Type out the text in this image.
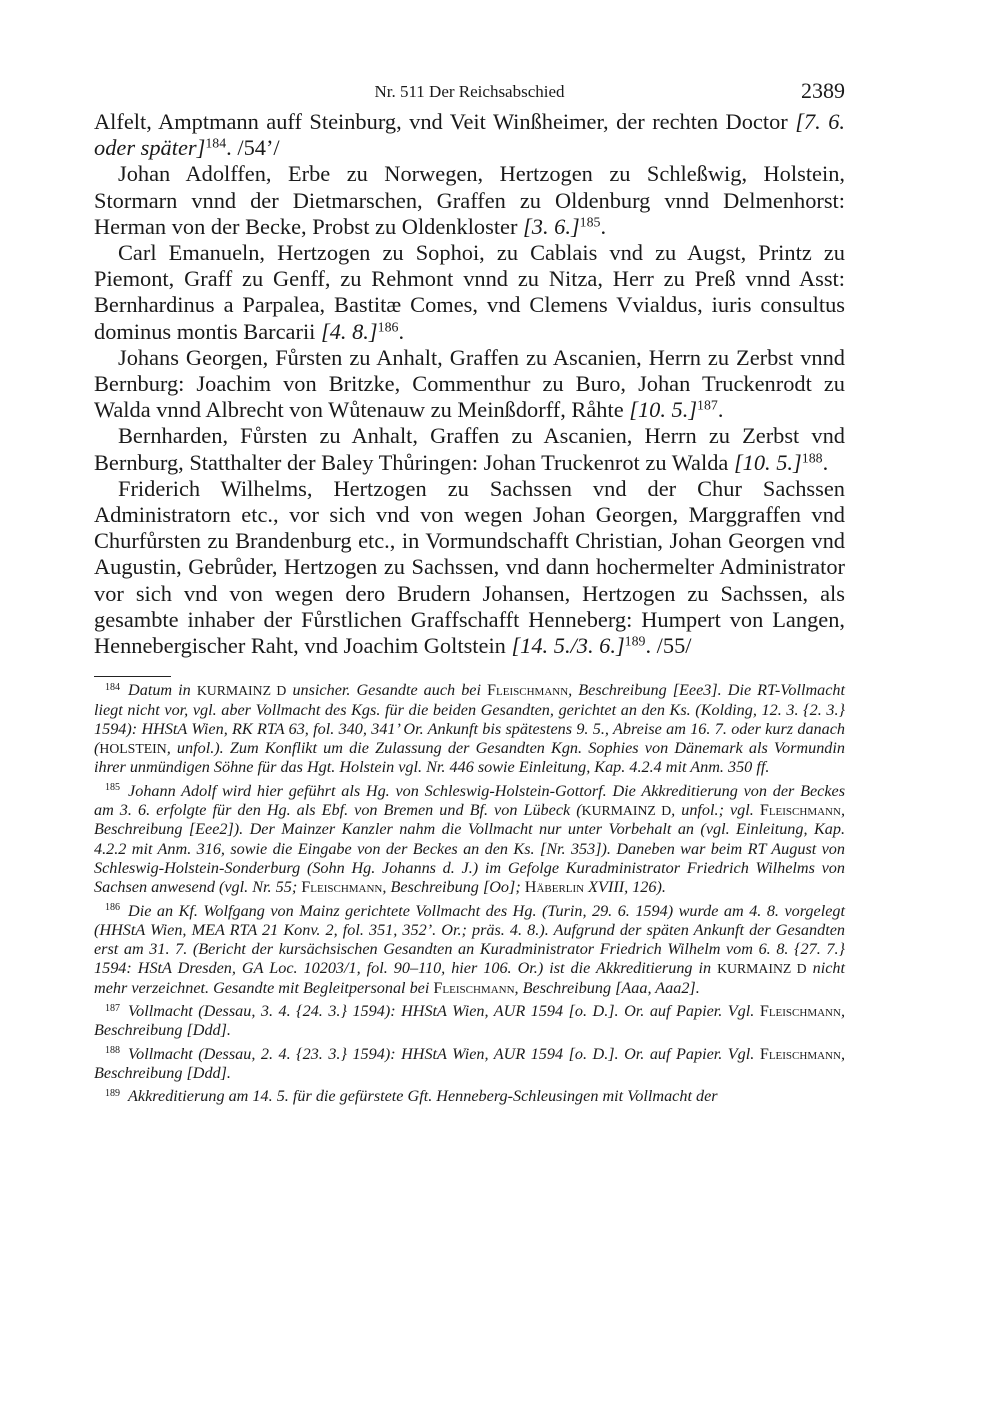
Nr. 511 Der Reichsabschied	2389

Alfelt, Amptmann auff Steinburg, vnd Veit Winßheimer, der rechten Doctor [7. 6. oder später]$^{184}$. /54’/

Johan Adolffen, Erbe zu Norwegen, Hertzogen zu Schleßwig, Holstein, Stormarn vnnd der Dietmarschen, Graffen zu Oldenburg vnnd Delmenhorst: Herman von der Becke, Probst zu Oldenkloster [3. 6.]$^{185}$.

Carl Emanueln, Hertzogen zu Sophoi, zu Cablais vnd zu Augst, Printz zu Piemont, Graff zu Genff, zu Rehmont vnnd zu Nitza, Herr zu Preß vnnd Asst: Bernhardinus a Parpalea, Bastitæ Comes, vnd Clemens Vvialdus, iuris consultus dominus montis Barcarii [4. 8.]$^{186}$.

Johans Georgen, Fůrsten zu Anhalt, Graffen zu Ascanien, Herrn zu Zerbst vnnd Bernburg: Joachim von Britzke, Commenthur zu Buro, Johan Truckenrodt zu Walda vnnd Albrecht von Wůtenauw zu Meinßdorff, Råhte [10. 5.]$^{187}$.

Bernharden, Fůrsten zu Anhalt, Graffen zu Ascanien, Herrn zu Zerbst vnd Bernburg, Statthalter der Baley Thůringen: Johan Truckenrot zu Walda [10. 5.]$^{188}$.

Friderich Wilhelms, Hertzogen zu Sachssen vnd der Chur Sachssen Administratorn etc., vor sich vnd von wegen Johan Georgen, Marggraffen vnd Churfůrsten zu Brandenburg etc., in Vormundschafft Christian, Johan Georgen vnd Augustin, Gebrůder, Hertzogen zu Sachssen, vnd dann hochermelter Administrator vor sich vnd von wegen dero Brudern Johansen, Hertzogen zu Sachssen, als gesambte inhaber der Fůrstlichen Graffschafft Henneberg: Humpert von Langen, Hennebergischer Raht, vnd Joachim Goltstein [14. 5./3. 6.]$^{189}$. /55/

$^{184}$ Datum in KURMAINZ D unsicher. Gesandte auch bei Fleischmann, Beschreibung [Eee3]. Die RT-Vollmacht liegt nicht vor, vgl. aber Vollmacht des Kgs. für die beiden Gesandten, gerichtet an den Ks. (Kolding, 12. 3. {2. 3.} 1594): HHStA Wien, RK RTA 63, fol. 340, 341’ Or. Ankunft bis spätestens 9. 5., Abreise am 16. 7. oder kurz danach (HOLSTEIN, unfol.). Zum Konflikt um die Zulassung der Gesandten Kgn. Sophies von Dänemark als Vormundin ihrer unmündigen Söhne für das Hgt. Holstein vgl. Nr. 446 sowie Einleitung, Kap. 4.2.4 mit Anm. 350 ff.

$^{185}$ Johann Adolf wird hier geführt als Hg. von Schleswig-Holstein-Gottorf. Die Akkreditierung von der Beckes am 3. 6. erfolgte für den Hg. als Ebf. von Bremen und Bf. von Lübeck (KURMAINZ D, unfol.; vgl. Fleischmann, Beschreibung [Eee2]). Der Mainzer Kanzler nahm die Vollmacht nur unter Vorbehalt an (vgl. Einleitung, Kap. 4.2.2 mit Anm. 316, sowie die Eingabe von der Beckes an den Ks. [Nr. 353]). Daneben war beim RT August von Schleswig-Holstein-Sonderburg (Sohn Hg. Johanns d. J.) im Gefolge Kuradministrator Friedrich Wilhelms von Sachsen anwesend (vgl. Nr. 55; Fleischmann, Beschreibung [Oo]; Häberlin XVIII, 126).

$^{186}$ Die an Kf. Wolfgang von Mainz gerichtete Vollmacht des Hg. (Turin, 29. 6. 1594) wurde am 4. 8. vorgelegt (HHStA Wien, MEA RTA 21 Konv. 2, fol. 351, 352’. Or.; präs. 4. 8.). Aufgrund der späten Ankunft der Gesandten erst am 31. 7. (Bericht der kursächsischen Gesandten an Kuradministrator Friedrich Wilhelm vom 6. 8. {27. 7.} 1594: HStA Dresden, GA Loc. 10203/1, fol. 90–110, hier 106. Or.) ist die Akkreditierung in KURMAINZ D nicht mehr verzeichnet. Gesandte mit Begleitpersonal bei Fleischmann, Beschreibung [Aaa, Aaa2].

$^{187}$ Vollmacht (Dessau, 3. 4. {24. 3.} 1594): HHStA Wien, AUR 1594 [o. D.]. Or. auf Papier. Vgl. Fleischmann, Beschreibung [Ddd].

$^{188}$ Vollmacht (Dessau, 2. 4. {23. 3.} 1594): HHStA Wien, AUR 1594 [o. D.]. Or. auf Papier. Vgl. Fleischmann, Beschreibung [Ddd].

$^{189}$ Akkreditierung am 14. 5. für die gefürstete Gft. Henneberg-Schleusingen mit Vollmacht der
